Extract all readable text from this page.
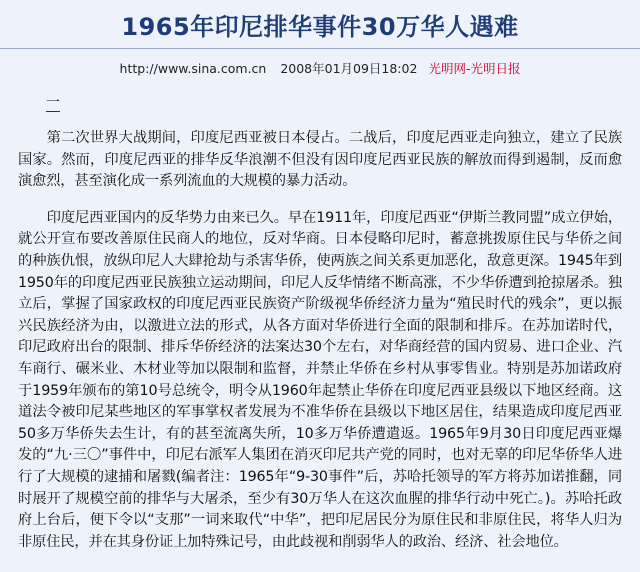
1965年印尼排华事件30万华人遇难
http://www.sina.com.cn 2008年01月09日18:02 光明网-光明日报
一

第二次世界大战期间，印度尼西亚被日本侵占。二战后，印度尼西亚走向独立，建立了民族国家。然而，印度尼西亚的排华反华浪潮不但没有因印度尼西亚民族的解放而得到遏制，反而愈演愈烈，甚至演化成一系列流血的大规模的暴力活动。

印度尼西亚国内的反华势力由来已久。早在1911年，印度尼西亚“伊斯兰教同盟”成立伊始，就公开宣布要改善原住民商人的地位，反对华商。日本侵略印尼时，蓄意挑拨原住民与华侨之间的种族仇恨，放纵印尼人大肆抢劫与杀害华侨，使两族之间关系更加恶化，敌意更深。1945年到1950年的印度尼西亚民族独立运动期间，印尼人反华情绪不断高涨，不少华侨遭到抢掠屠杀。独立后，掌握了国家政权的印度尼西亚民族资产阶级视华侨经济力量为“殖民时代的残余”，更以振兴民族经济为由，以激进立法的形式，从各方面对华侨进行全面的限制和排斥。在苏加诺时代，印尼政府出台的限制、排斥华侨经济的法案达30个左右，对华商经营的国内贸易、进口企业、汽车商行、碾米业、木材业等加以限制和监督，并禁止华侨在乡村从事零售业。特别是苏加诺政府于1959年颁布的第10号总统令，明令从1960年起禁止华侨在印度尼西亚县级以下地区经商。这道法令被印尼某些地区的军事掌权者发展为不准华侨在县级以下地区居住，结果造成印度尼西亚50多万华侨失去生计，有的甚至流离失所，10多万华侨遭遣返。1965年9月30日印度尼西亚爆发的“九·三〇”事件中，印尼右派军人集团在消灭印尼共产党的同时，也对无辜的印尼华侨华人进行了大规模的逮捕和屠戮(编者注：1965年“9-30事件”后，苏哈托领导的军方将苏加诺推翻，同时展开了规模空前的排华与大屠杀，至少有30万华人在这次血腥的排华行动中死亡。)。苏哈托政府上台后，便下令以“支那”一词来取代“中华”，把印尼居民分为原住民和非原住民，将华人归为非原住民，并在其身份证上加特殊记号，由此歧视和削弱华人的政治、经济、社会地位。
